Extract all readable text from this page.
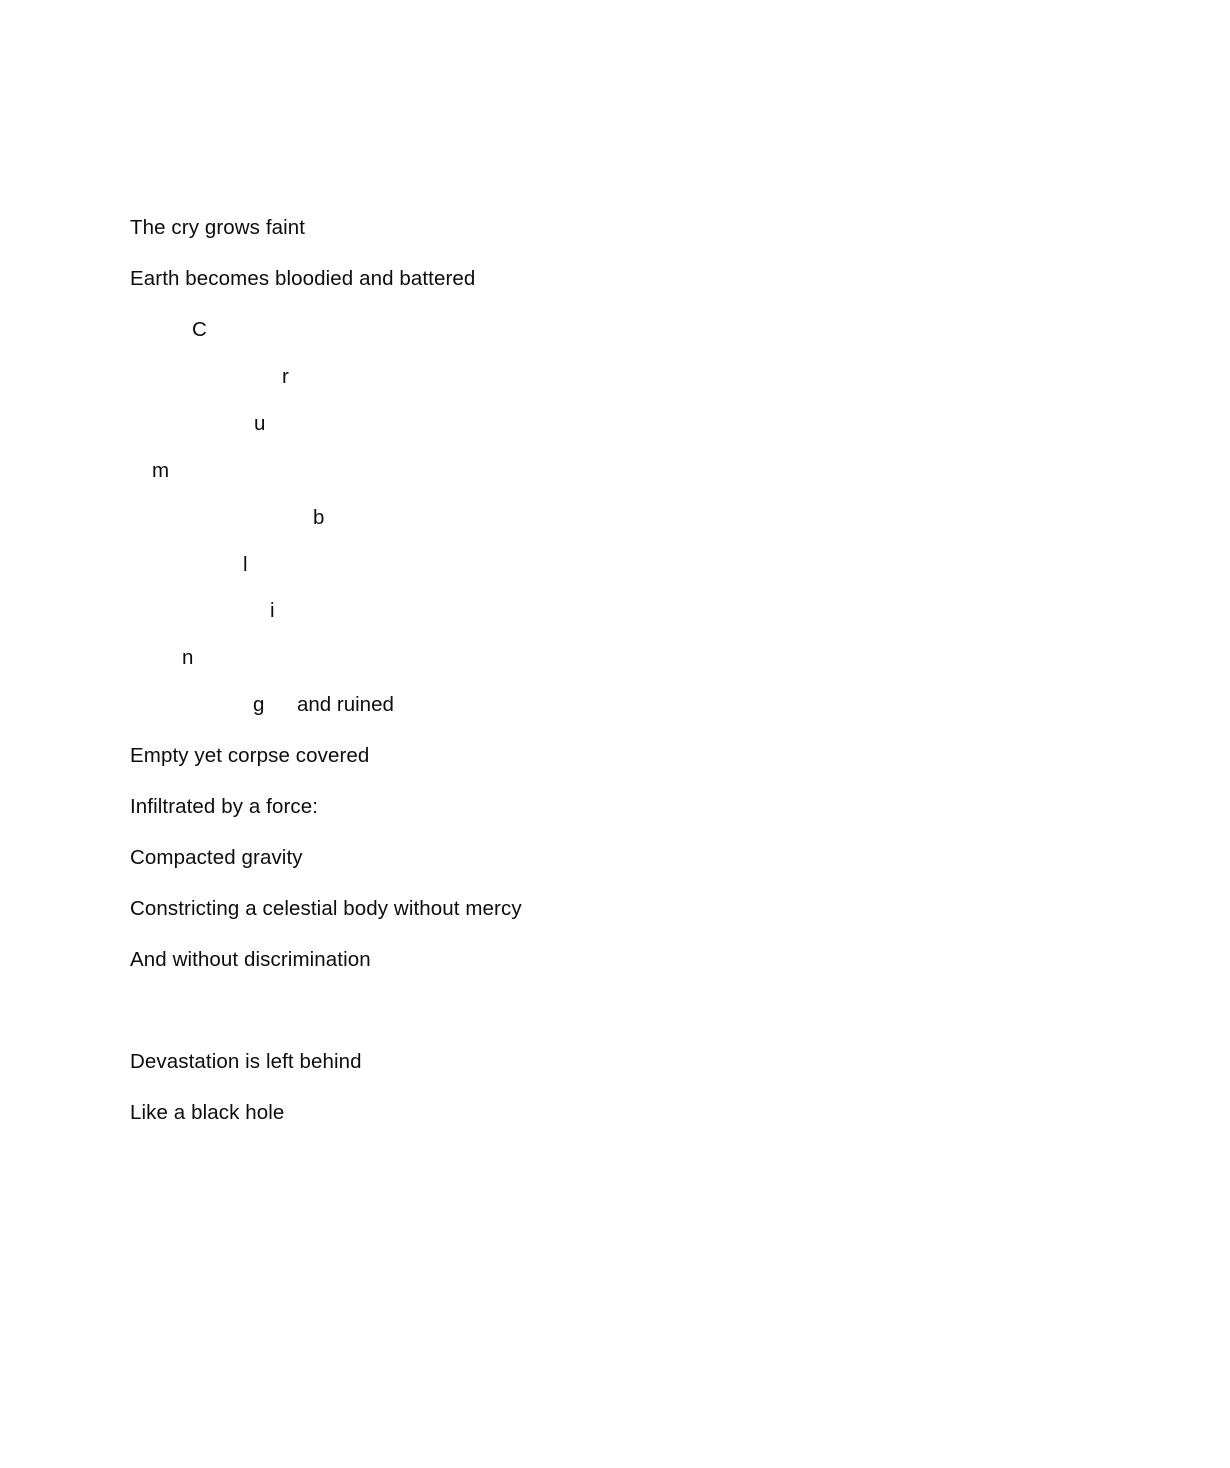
The cry grows faint
Earth becomes bloodied and battered
C
r
u
m
b
l
i
n
g and ruined
Empty yet corpse covered
Infiltrated by a force:
Compacted gravity
Constricting a celestial body without mercy
And without discrimination
Devastation is left behind
Like a black hole
